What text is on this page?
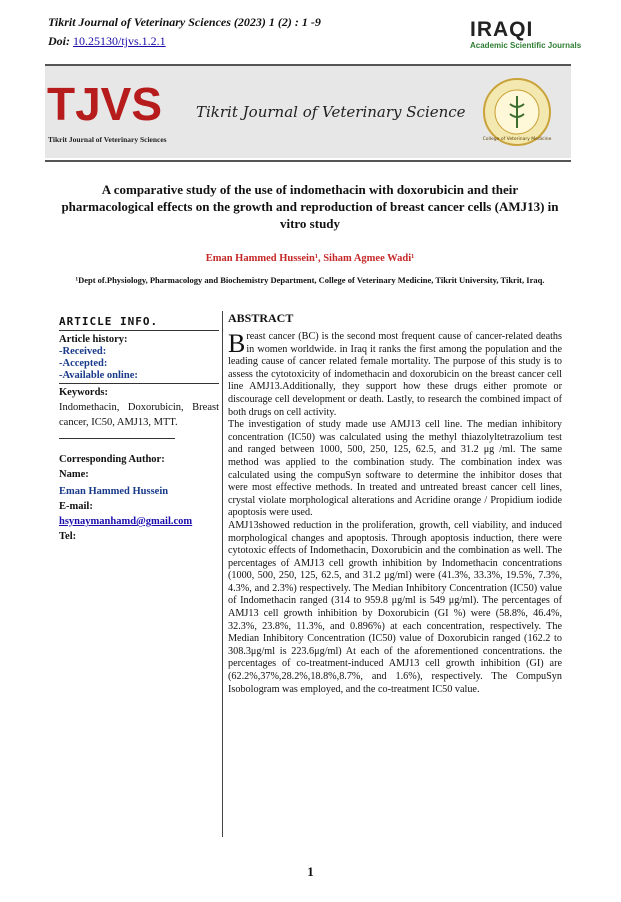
Tikrit Journal of Veterinary Sciences (2023) 1 (2) : 1 -9
Doi: 10.25130/tjvs.1.2.1	IRAQI
Academic Scientific Journals
TJVS
Tikrit Journal of Veterinary Sciences
Tikrit Journal of Veterinary Science
College of Veterinary Medicine
A comparative study of the use of indomethacin with doxorubicin and their pharmacological effects on the growth and reproduction of breast cancer cells (AMJ13) in vitro study
Eman Hammed Hussein¹, Siham Agmee Wadi¹
¹Dept of.Physiology, Pharmacology and Biochemistry Department, College of Veterinary Medicine, Tikrit University, Tikrit, Iraq.
ARTICLE INFO.
Article history:
-Received:
-Accepted:
-Available online:
Keywords:
Indomethacin, Doxorubicin, Breast cancer, IC50, AMJ13, MTT.
Corresponding Author:
Name:
Eman Hammed Hussein
E-mail:
hsynaymanhamd@gmail.com
Tel:
ABSTRACT

Breast cancer (BC) is the second most frequent cause of cancer-related deaths in women worldwide. in Iraq it ranks the first among the population and the leading cause of cancer related female mortality. The purpose of this study is to assess the cytotoxicity of indomethacin and doxorubicin on the breast cancer cell line AMJ13.Additionally, they support how these drugs either promote or discourage cell development or death. Lastly, to research the combined impact of both drugs on cell activity.

The investigation of study made use AMJ13 cell line. The median inhibitory concentration (IC50) was calculated using the methyl thiazolyltetrazolium test and ranged between 1000, 500, 250, 125, 62.5, and 31.2 μg /ml. The same method was applied to the combination study. The combination index was calculated using the compuSyn software to determine the inhibitor doses that were most effective methods. In treated and untreated breast cancer cell lines, crystal violate morphological alterations and Acridine orange / Propidium iodide apoptosis were used.

AMJ13showed reduction in the proliferation, growth, cell viability, and induced morphological changes and apoptosis. Through apoptosis induction, there were cytotoxic effects of Indomethacin, Doxorubicin and the combination as well. The percentages of AMJ13 cell growth inhibition by Indomethacin concentrations (1000, 500, 250, 125, 62.5, and 31.2 μg/ml) were (41.3%, 33.3%, 19.5%, 7.3%, 4.3%, and 2.3%) respectively. The Median Inhibitory Concentration (IC50) value of Indomethacin ranged (314 to 959.8 μg/ml is 549 μg/ml). The percentages of AMJ13 cell growth inhibition by Doxorubicin (GI %) were (58.8%, 46.4%, 32.3%, 23.8%, 11.3%, and 0.896%) at each concentration, respectively. The Median Inhibitory Concentration (IC50) value of Doxorubicin ranged (162.2 to 308.3μg/ml is 223.6μg/ml) At each of the aforementioned concentrations. the percentages of co-treatment-induced AMJ13 cell growth inhibition (GI) are (62.2%,37%,28.2%,18.8%,8.7%, and 1.6%), respectively. The CompuSyn Isobologram was employed, and the co-treatment IC50 value.

1
